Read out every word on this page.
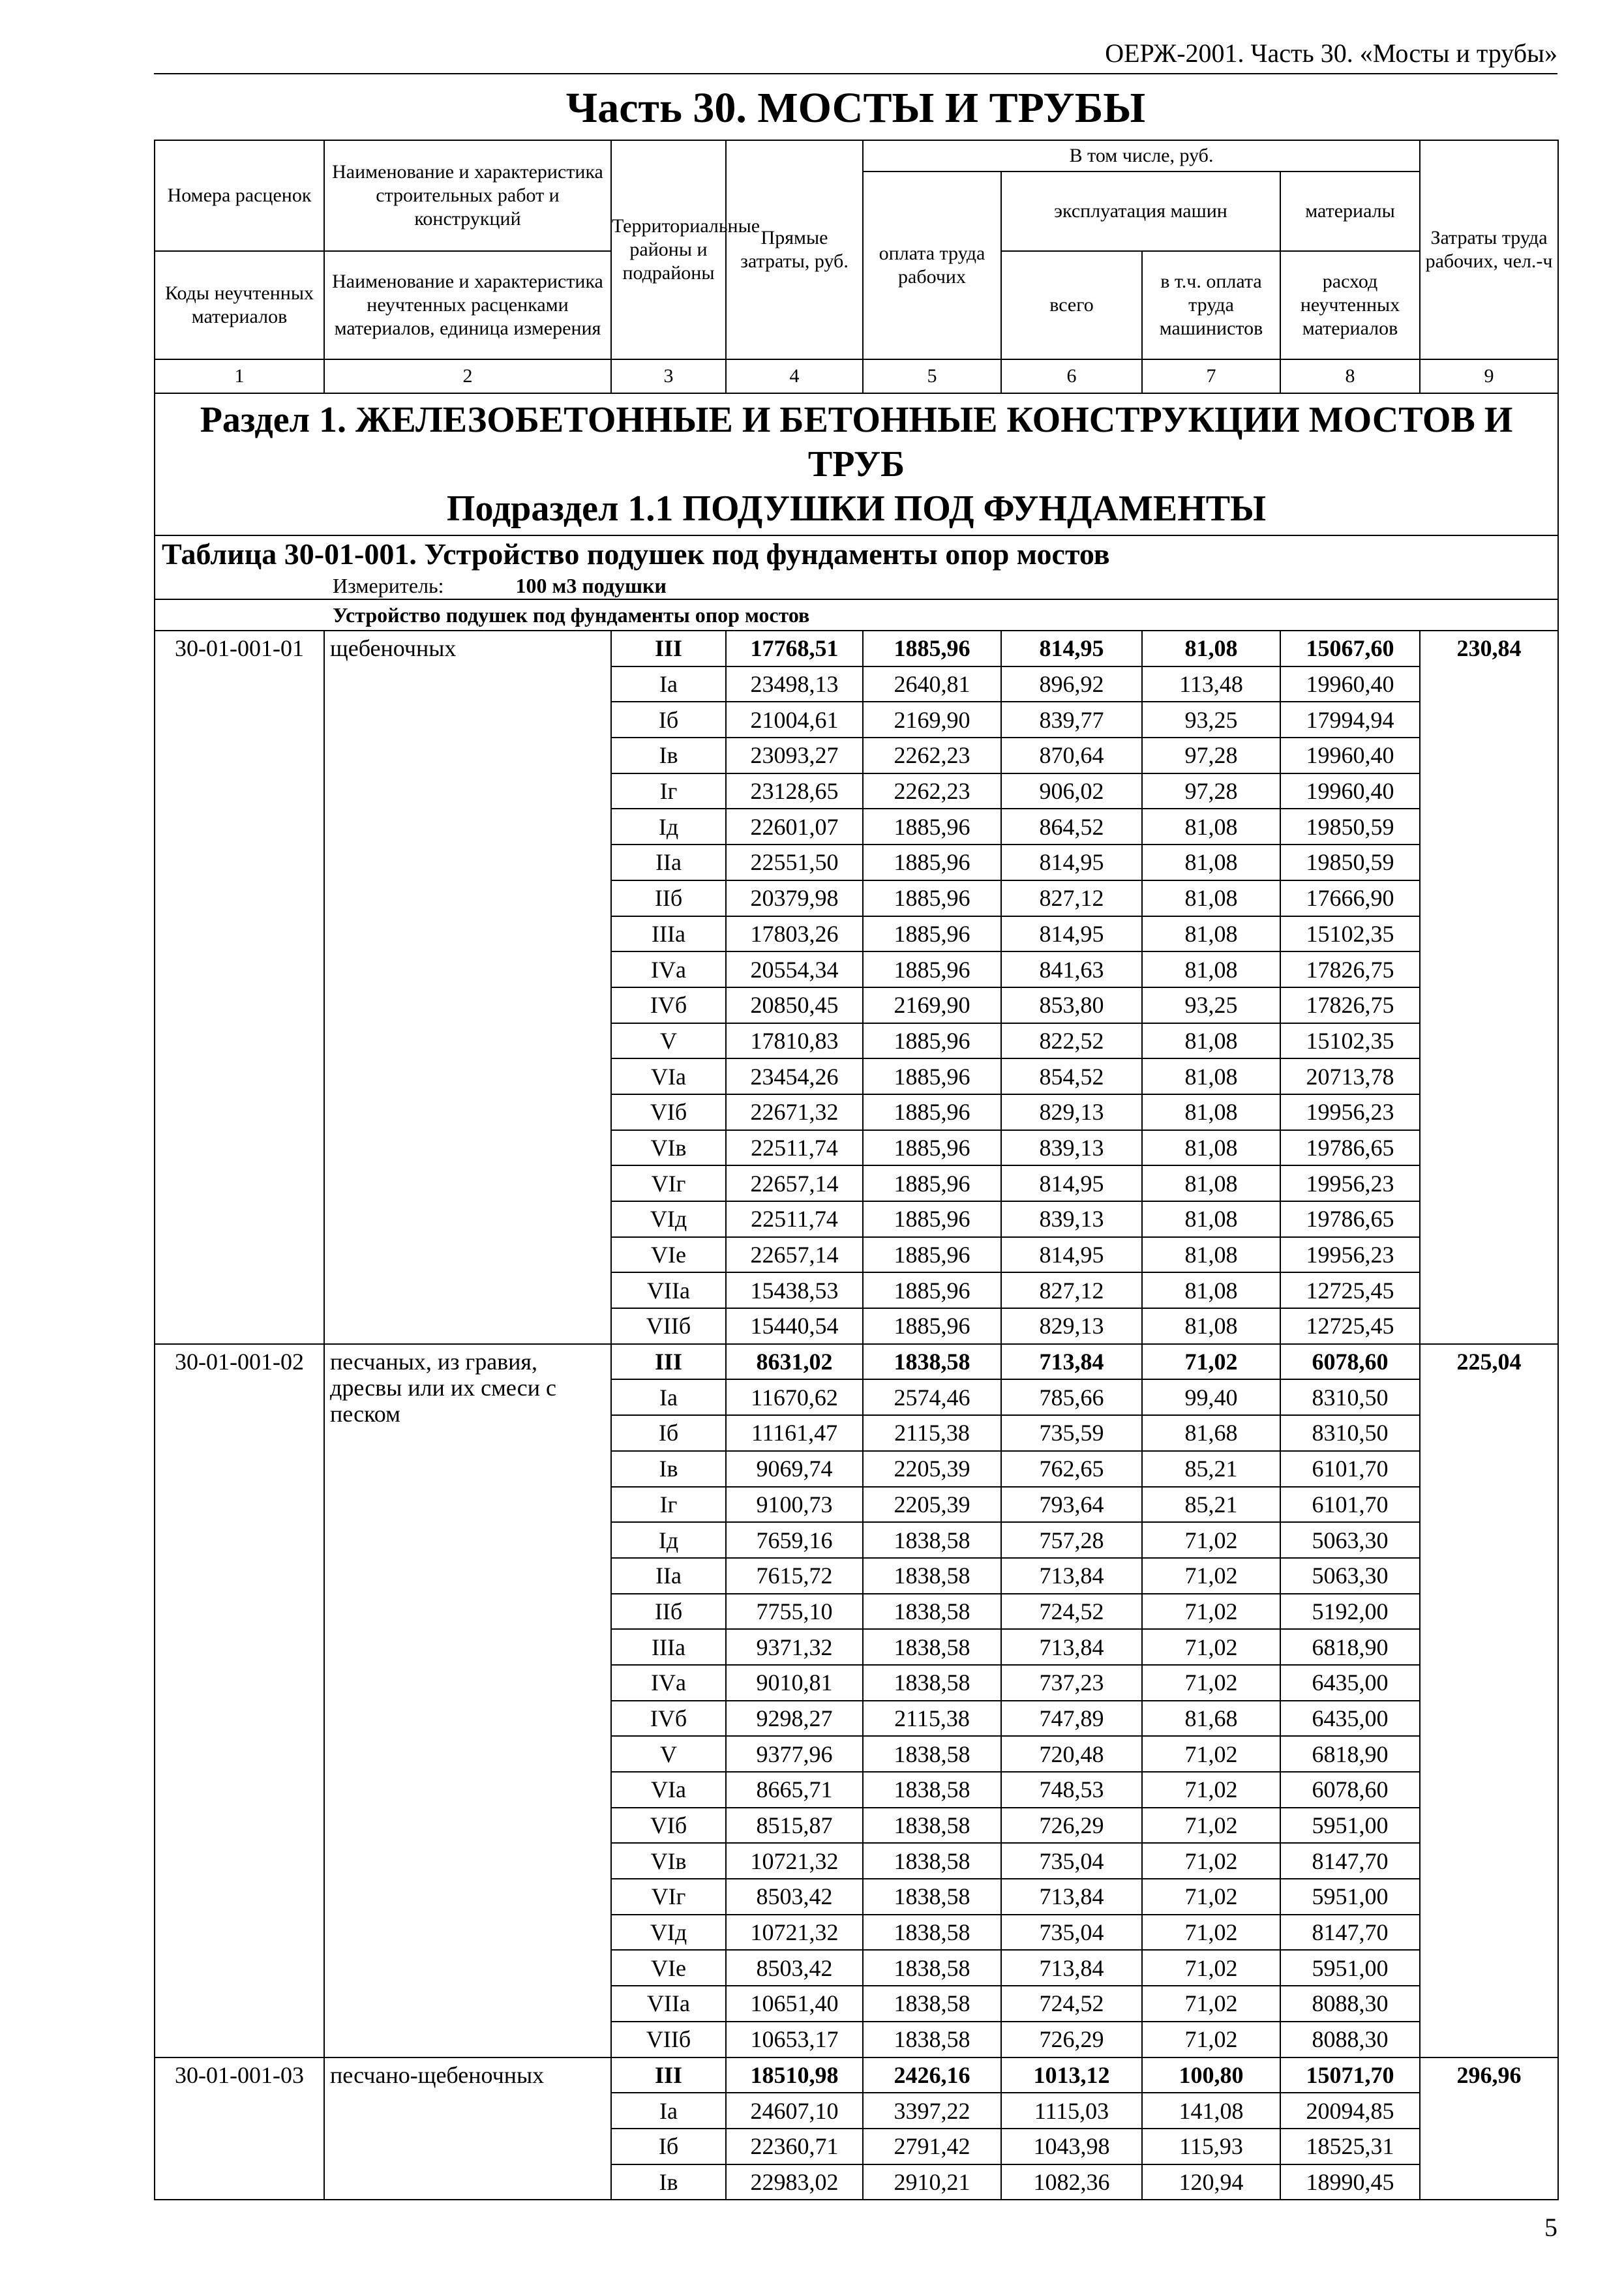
ОЕРЖ-2001. Часть 30. «Мосты и трубы»
Часть 30. МОСТЫ И ТРУБЫ
Номера расценок	Наименование и характеристика строительных работ и конструкций	Территориальные районы и подрайоны	Прямые затраты, руб.	В том числе, руб.				Затраты труда рабочих, чел.-ч
				оплата труда рабочих	эксплуатация машин		материалы	
Коды неучтенных материалов	Наименование и характеристика неучтенных расценками материалов, единица измерения				всего	в т.ч. оплата труда машинистов	расход неучтенных материалов	

1	2	3	4	5	6	7	8	9

Раздел 1. ЖЕЛЕЗОБЕТОННЫЕ И БЕТОННЫЕ КОНСТРУКЦИИ МОСТОВ И ТРУБ
Подраздел 1.1 ПОДУШКИ ПОД ФУНДАМЕНТЫ								

Таблица 30-01-001. Устройство подушек под фундаменты опор мостов
Измеритель: 100 м3 подушки								

Устройство подушек под фундаменты опор мостов								

30-01-001-01	щебеночных	III	17768,51	1885,96	814,95	81,08	15067,60	230,84
		Iа	23498,13	2640,81	896,92	113,48	19960,40	
		Iб	21004,61	2169,90	839,77	93,25	17994,94	
		Iв	23093,27	2262,23	870,64	97,28	19960,40	
		Iг	23128,65	2262,23	906,02	97,28	19960,40	
		Iд	22601,07	1885,96	864,52	81,08	19850,59	
		IIа	22551,50	1885,96	814,95	81,08	19850,59	
		IIб	20379,98	1885,96	827,12	81,08	17666,90	
		IIIа	17803,26	1885,96	814,95	81,08	15102,35	
		IVа	20554,34	1885,96	841,63	81,08	17826,75	
		IVб	20850,45	2169,90	853,80	93,25	17826,75	
		V	17810,83	1885,96	822,52	81,08	15102,35	
		VIа	23454,26	1885,96	854,52	81,08	20713,78	
		VIб	22671,32	1885,96	829,13	81,08	19956,23	
		VIв	22511,74	1885,96	839,13	81,08	19786,65	
		VIг	22657,14	1885,96	814,95	81,08	19956,23	
		VIд	22511,74	1885,96	839,13	81,08	19786,65	
		VIе	22657,14	1885,96	814,95	81,08	19956,23	
		VIIа	15438,53	1885,96	827,12	81,08	12725,45	
		VIIб	15440,54	1885,96	829,13	81,08	12725,45	
30-01-001-02	песчаных, из гравия, дресвы или их смеси с песком	III	8631,02	1838,58	713,84	71,02	6078,60	225,04
		Iа	11670,62	2574,46	785,66	99,40	8310,50	
		Iб	11161,47	2115,38	735,59	81,68	8310,50	
		Iв	9069,74	2205,39	762,65	85,21	6101,70	
		Iг	9100,73	2205,39	793,64	85,21	6101,70	
		Iд	7659,16	1838,58	757,28	71,02	5063,30	
		IIа	7615,72	1838,58	713,84	71,02	5063,30	
		IIб	7755,10	1838,58	724,52	71,02	5192,00	
		IIIа	9371,32	1838,58	713,84	71,02	6818,90	
		IVа	9010,81	1838,58	737,23	71,02	6435,00	
		IVб	9298,27	2115,38	747,89	81,68	6435,00	
		V	9377,96	1838,58	720,48	71,02	6818,90	
		VIа	8665,71	1838,58	748,53	71,02	6078,60	
		VIб	8515,87	1838,58	726,29	71,02	5951,00	
		VIв	10721,32	1838,58	735,04	71,02	8147,70	
		VIг	8503,42	1838,58	713,84	71,02	5951,00	
		VIд	10721,32	1838,58	735,04	71,02	8147,70	
		VIе	8503,42	1838,58	713,84	71,02	5951,00	
		VIIа	10651,40	1838,58	724,52	71,02	8088,30	
		VIIб	10653,17	1838,58	726,29	71,02	8088,30	
30-01-001-03	песчано-щебеночных	III	18510,98	2426,16	1013,12	100,80	15071,70	296,96
		Iа	24607,10	3397,22	1115,03	141,08	20094,85	
		Iб	22360,71	2791,42	1043,98	115,93	18525,31	
		Iв	22983,02	2910,21	1082,36	120,94	18990,45	
5
